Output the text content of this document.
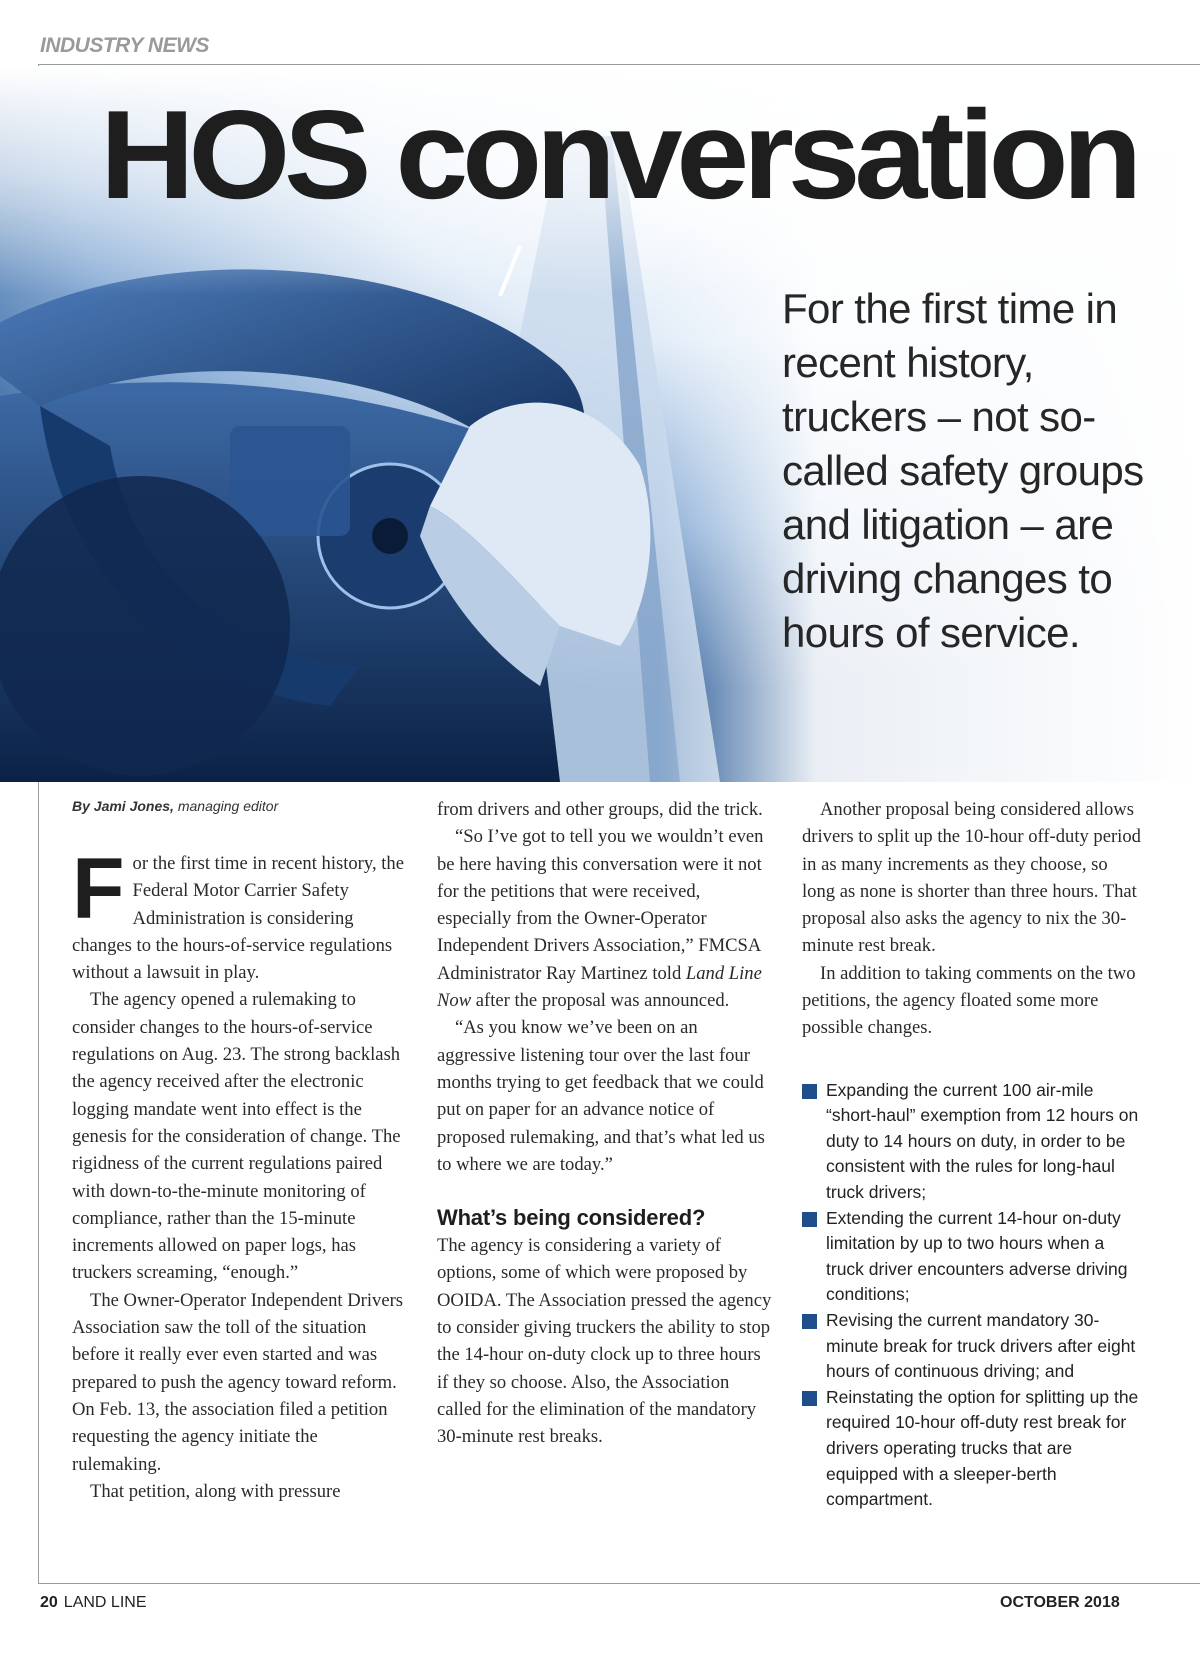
INDUSTRY NEWS
HOS conversation
For the first time in recent history, truckers – not so-called safety groups and litigation – are driving changes to hours of service.
By Jami Jones, managing editor

For the first time in recent history, the Federal Motor Carrier Safety Administration is considering changes to the hours-of-service regulations without a lawsuit in play.

The agency opened a rulemaking to consider changes to the hours-of-service regulations on Aug. 23. The strong backlash the agency received after the electronic logging mandate went into effect is the genesis for the consideration of change. The rigidness of the current regulations paired with down-to-the-minute monitoring of compliance, rather than the 15-minute increments allowed on paper logs, has truckers screaming, “enough.”

The Owner-Operator Independent Drivers Association saw the toll of the situation before it really ever even started and was prepared to push the agency toward reform. On Feb. 13, the association filed a petition requesting the agency initiate the rulemaking.

That petition, along with pressure

from drivers and other groups, did the trick.

“So I’ve got to tell you we wouldn’t even be here having this conversation were it not for the petitions that were received, especially from the Owner-Operator Independent Drivers Association,” FMCSA Administrator Ray Martinez told Land Line Now after the proposal was announced.

“As you know we’ve been on an aggressive listening tour over the last four months trying to get feedback that we could put on paper for an advance notice of proposed rulemaking, and that’s what led us to where we are today.”

What’s being considered?

The agency is considering a variety of options, some of which were proposed by OOIDA. The Association pressed the agency to consider giving truckers the ability to stop the 14-hour on-duty clock up to three hours if they so choose. Also, the Association called for the elimination of the mandatory 30-minute rest breaks.

Another proposal being considered allows drivers to split up the 10-hour off-duty period in as many increments as they choose, so long as none is shorter than three hours. That proposal also asks the agency to nix the 30-minute rest break.

In addition to taking comments on the two petitions, the agency floated some more possible changes.

Expanding the current 100 air-mile “short-haul” exemption from 12 hours on duty to 14 hours on duty, in order to be consistent with the rules for long-haul truck drivers;
Extending the current 14-hour on-duty limitation by up to two hours when a truck driver encounters adverse driving conditions;
Revising the current mandatory 30-minute break for truck drivers after eight hours of continuous driving; and
Reinstating the option for splitting up the required 10-hour off-duty rest break for drivers operating trucks that are equipped with a sleeper-berth compartment.
20 LAND LINE	OCTOBER 2018
